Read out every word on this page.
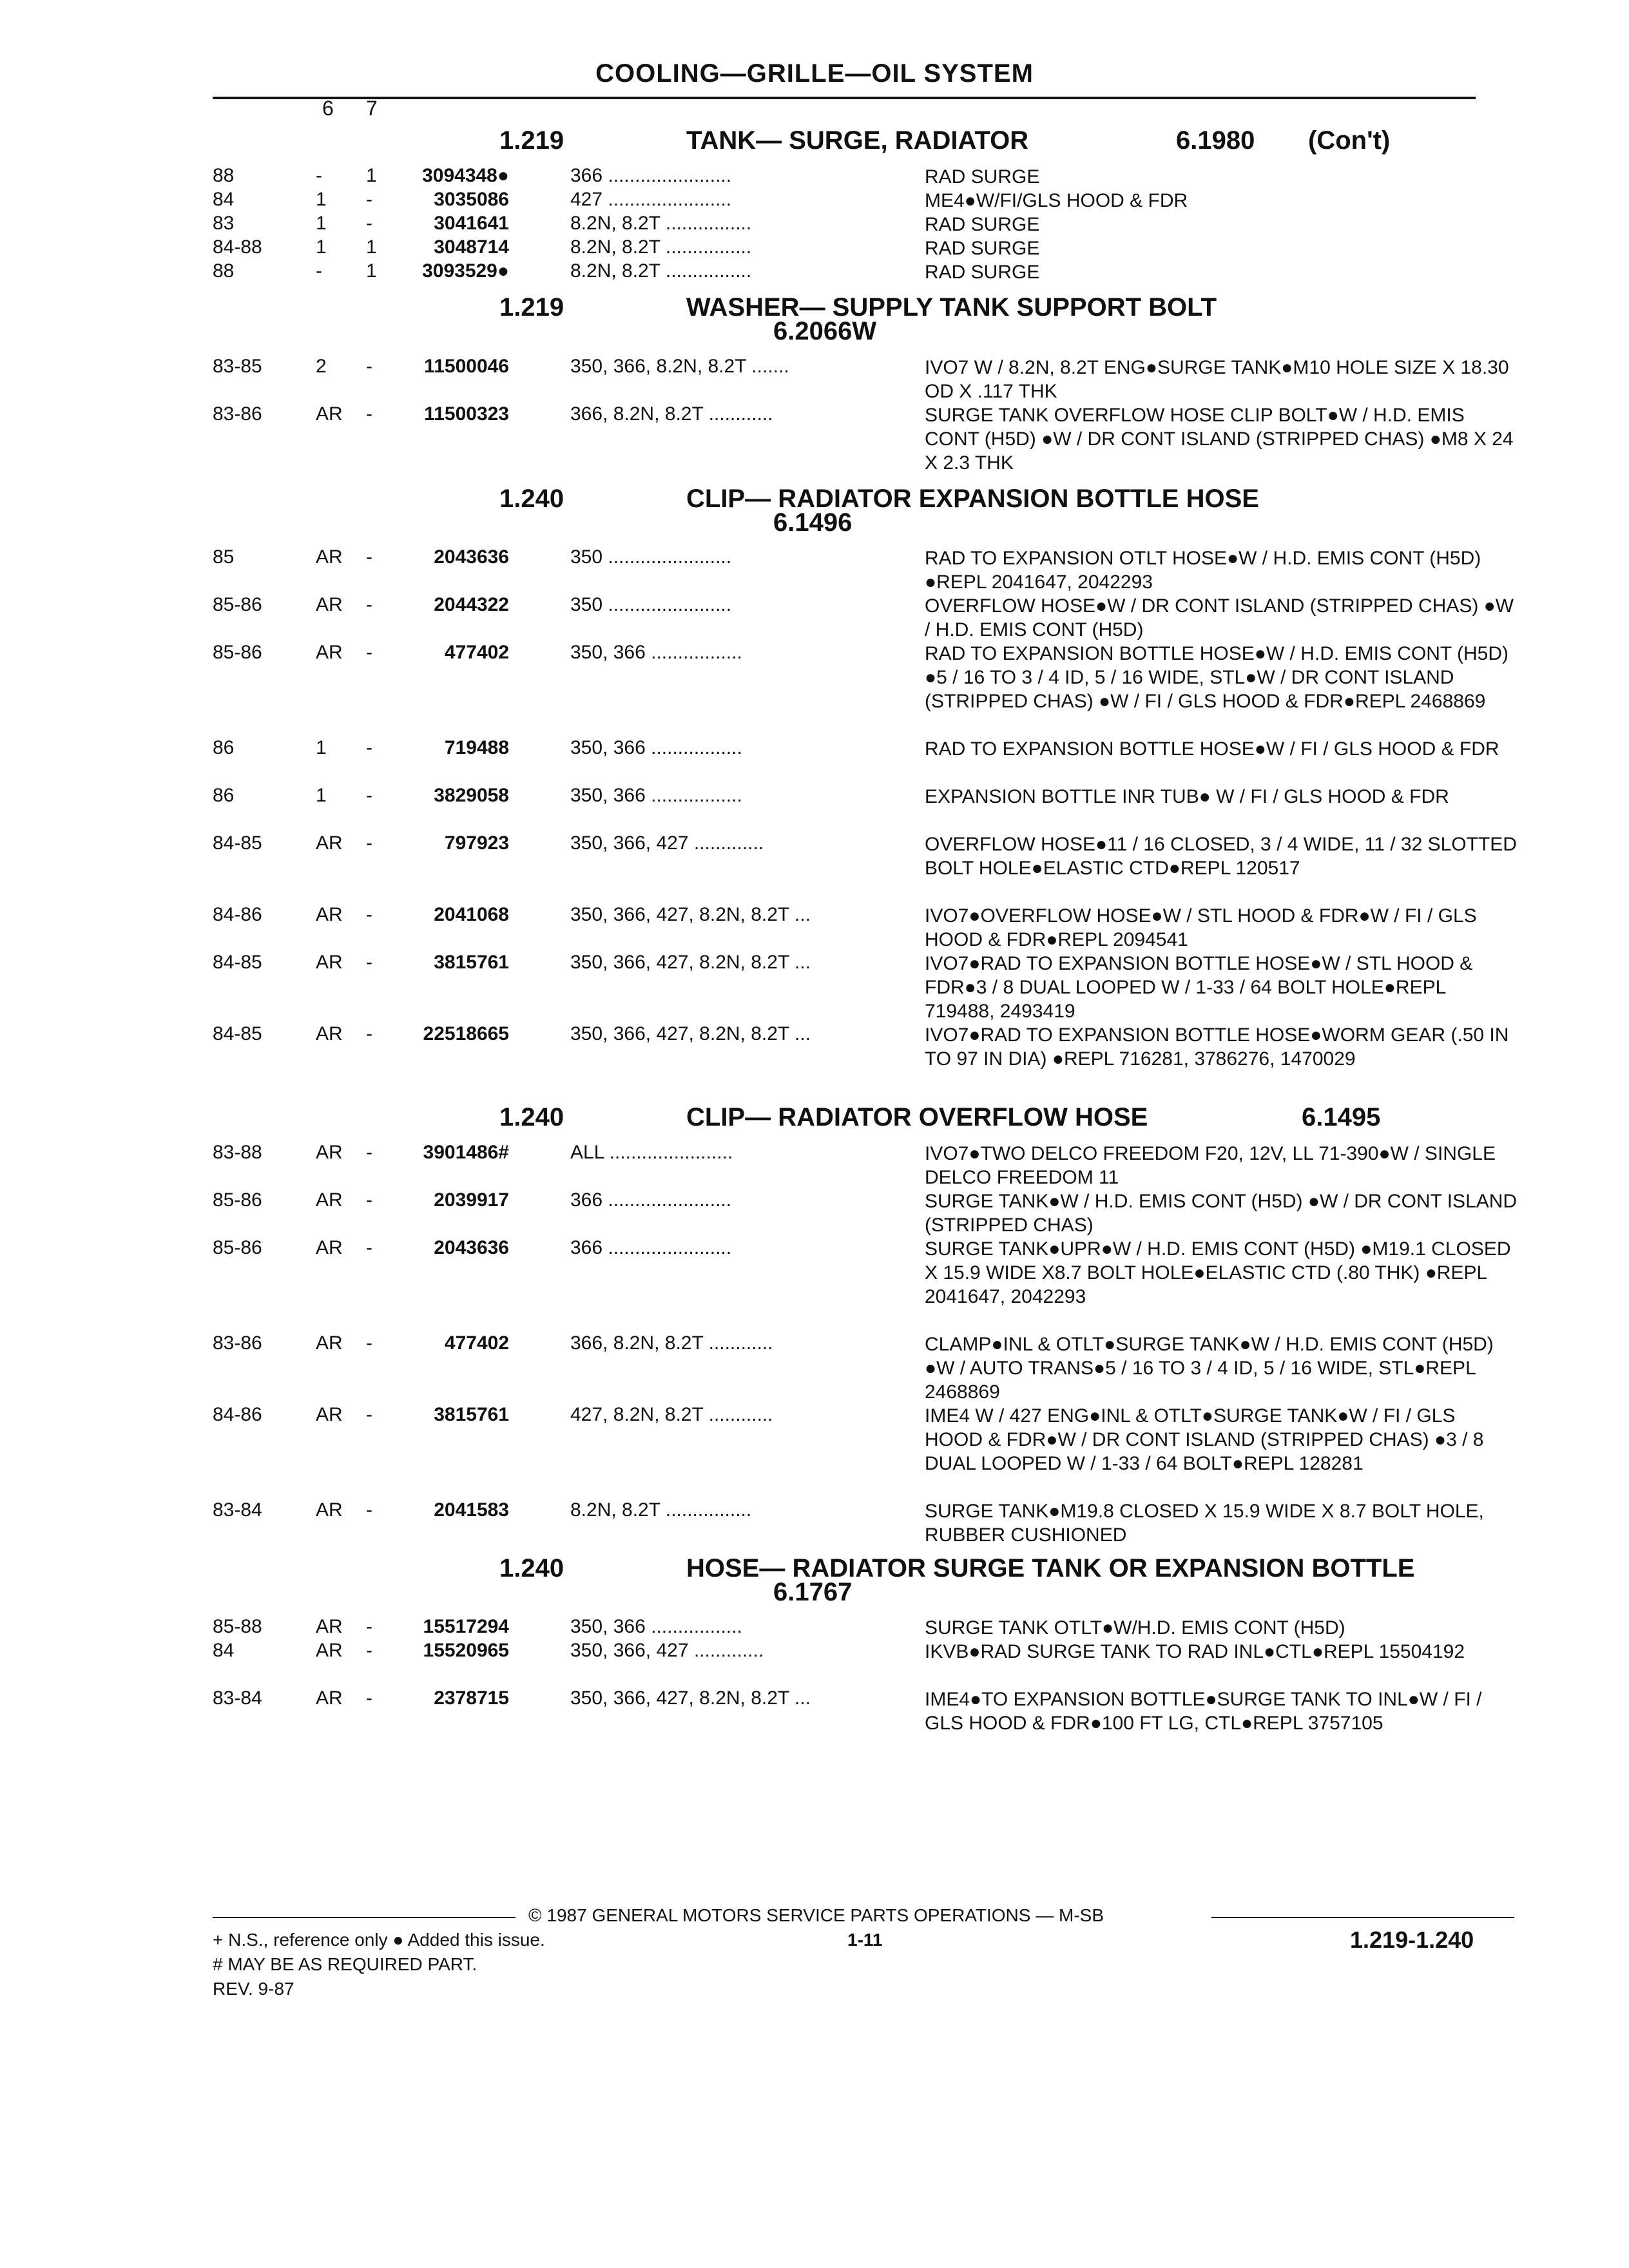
COOLING—GRILLE—OIL SYSTEM
6 7
1.219	TANK— SURGE, RADIATOR	6.1980 (Con't)
88	- 1	3094348●	366 .......................	RAD SURGE
84	1 -	3035086	427 .......................	ME4●W/FI/GLS HOOD & FDR
83	1 -	3041641	8.2N, 8.2T ................	RAD SURGE
84-88	1 1	3048714	8.2N, 8.2T ................	RAD SURGE
88	- 1	3093529●	8.2N, 8.2T ................	RAD SURGE
1.219	WASHER— SUPPLY TANK SUPPORT BOLT
6.2066W
83-85	2 -	11500046	350, 366, 8.2N, 8.2T .......	IVO7 W / 8.2N, 8.2T ENG●SURGE TANK●M10 HOLE SIZE X 18.30 OD X .117 THK
83-86	AR -	11500323	366, 8.2N, 8.2T ............	SURGE TANK OVERFLOW HOSE CLIP BOLT●W / H.D. EMIS CONT (H5D) ●W / DR CONT ISLAND (STRIPPED CHAS) ●M8 X 24 X 2.3 THK
1.240	CLIP— RADIATOR EXPANSION BOTTLE HOSE
6.1496
85	AR -	2043636	350 .......................	RAD TO EXPANSION OTLT HOSE●W / H.D. EMIS CONT (H5D) ●REPL 2041647, 2042293
85-86	AR -	2044322	350 .......................	OVERFLOW HOSE●W / DR CONT ISLAND (STRIPPED CHAS) ●W / H.D. EMIS CONT (H5D)
85-86	AR -	477402	350, 366 .................	RAD TO EXPANSION BOTTLE HOSE●W / H.D. EMIS CONT (H5D) ●5 / 16 TO 3 / 4 ID, 5 / 16 WIDE, STL●W / DR CONT ISLAND (STRIPPED CHAS) ●W / FI / GLS HOOD & FDR●REPL 2468869
86	1 -	719488	350, 366 .................	RAD TO EXPANSION BOTTLE HOSE●W / FI / GLS HOOD & FDR
86	1 -	3829058	350, 366 .................	EXPANSION BOTTLE INR TUB● W / FI / GLS HOOD & FDR
84-85	AR -	797923	350, 366, 427 .............	OVERFLOW HOSE●11 / 16 CLOSED, 3 / 4 WIDE, 11 / 32 SLOTTED BOLT HOLE●ELASTIC CTD●REPL 120517
84-86	AR -	2041068	350, 366, 427, 8.2N, 8.2T ...	IVO7●OVERFLOW HOSE●W / STL HOOD & FDR●W / FI / GLS HOOD & FDR●REPL 2094541
84-85	AR -	3815761	350, 366, 427, 8.2N, 8.2T ...	IVO7●RAD TO EXPANSION BOTTLE HOSE●W / STL HOOD & FDR●3 / 8 DUAL LOOPED W / 1-33 / 64 BOLT HOLE●REPL 719488, 2493419
84-85	AR -	22518665	350, 366, 427, 8.2N, 8.2T ...	IVO7●RAD TO EXPANSION BOTTLE HOSE●WORM GEAR (.50 IN TO 97 IN DIA) ●REPL 716281, 3786276, 1470029
1.240	CLIP— RADIATOR OVERFLOW HOSE	6.1495
83-88	AR -	3901486#	ALL .......................	IVO7●TWO DELCO FREEDOM F20, 12V, LL 71-390●W / SINGLE DELCO FREEDOM 11
85-86	AR -	2039917	366 .......................	SURGE TANK●W / H.D. EMIS CONT (H5D) ●W / DR CONT ISLAND (STRIPPED CHAS)
85-86	AR -	2043636	366 .......................	SURGE TANK●UPR●W / H.D. EMIS CONT (H5D) ●M19.1 CLOSED X 15.9 WIDE X8.7 BOLT HOLE●ELASTIC CTD (.80 THK) ●REPL 2041647, 2042293
83-86	AR -	477402	366, 8.2N, 8.2T ............	CLAMP●INL & OTLT●SURGE TANK●W / H.D. EMIS CONT (H5D) ●W / AUTO TRANS●5 / 16 TO 3 / 4 ID, 5 / 16 WIDE, STL●REPL 2468869
84-86	AR -	3815761	427, 8.2N, 8.2T ............	IME4 W / 427 ENG●INL & OTLT●SURGE TANK●W / FI / GLS HOOD & FDR●W / DR CONT ISLAND (STRIPPED CHAS) ●3 / 8 DUAL LOOPED W / 1-33 / 64 BOLT●REPL 128281
83-84	AR -	2041583	8.2N, 8.2T ................	SURGE TANK●M19.8 CLOSED X 15.9 WIDE X 8.7 BOLT HOLE, RUBBER CUSHIONED
1.240	HOSE— RADIATOR SURGE TANK OR EXPANSION BOTTLE
6.1767
85-88	AR -	15517294	350, 366 .................	SURGE TANK OTLT●W/H.D. EMIS CONT (H5D)
84	AR -	15520965	350, 366, 427 .............	IKVB●RAD SURGE TANK TO RAD INL●CTL●REPL 15504192
83-84	AR -	2378715	350, 366, 427, 8.2N, 8.2T ...	IME4●TO EXPANSION BOTTLE●SURGE TANK TO INL●W / FI / GLS HOOD & FDR●100 FT LG, CTL●REPL 3757105
© 1987 GENERAL MOTORS SERVICE PARTS OPERATIONS — M-SB
+ N.S., reference only ● Added this issue.	1-11	1.219-1.240
# MAY BE AS REQUIRED PART.
REV. 9-87
